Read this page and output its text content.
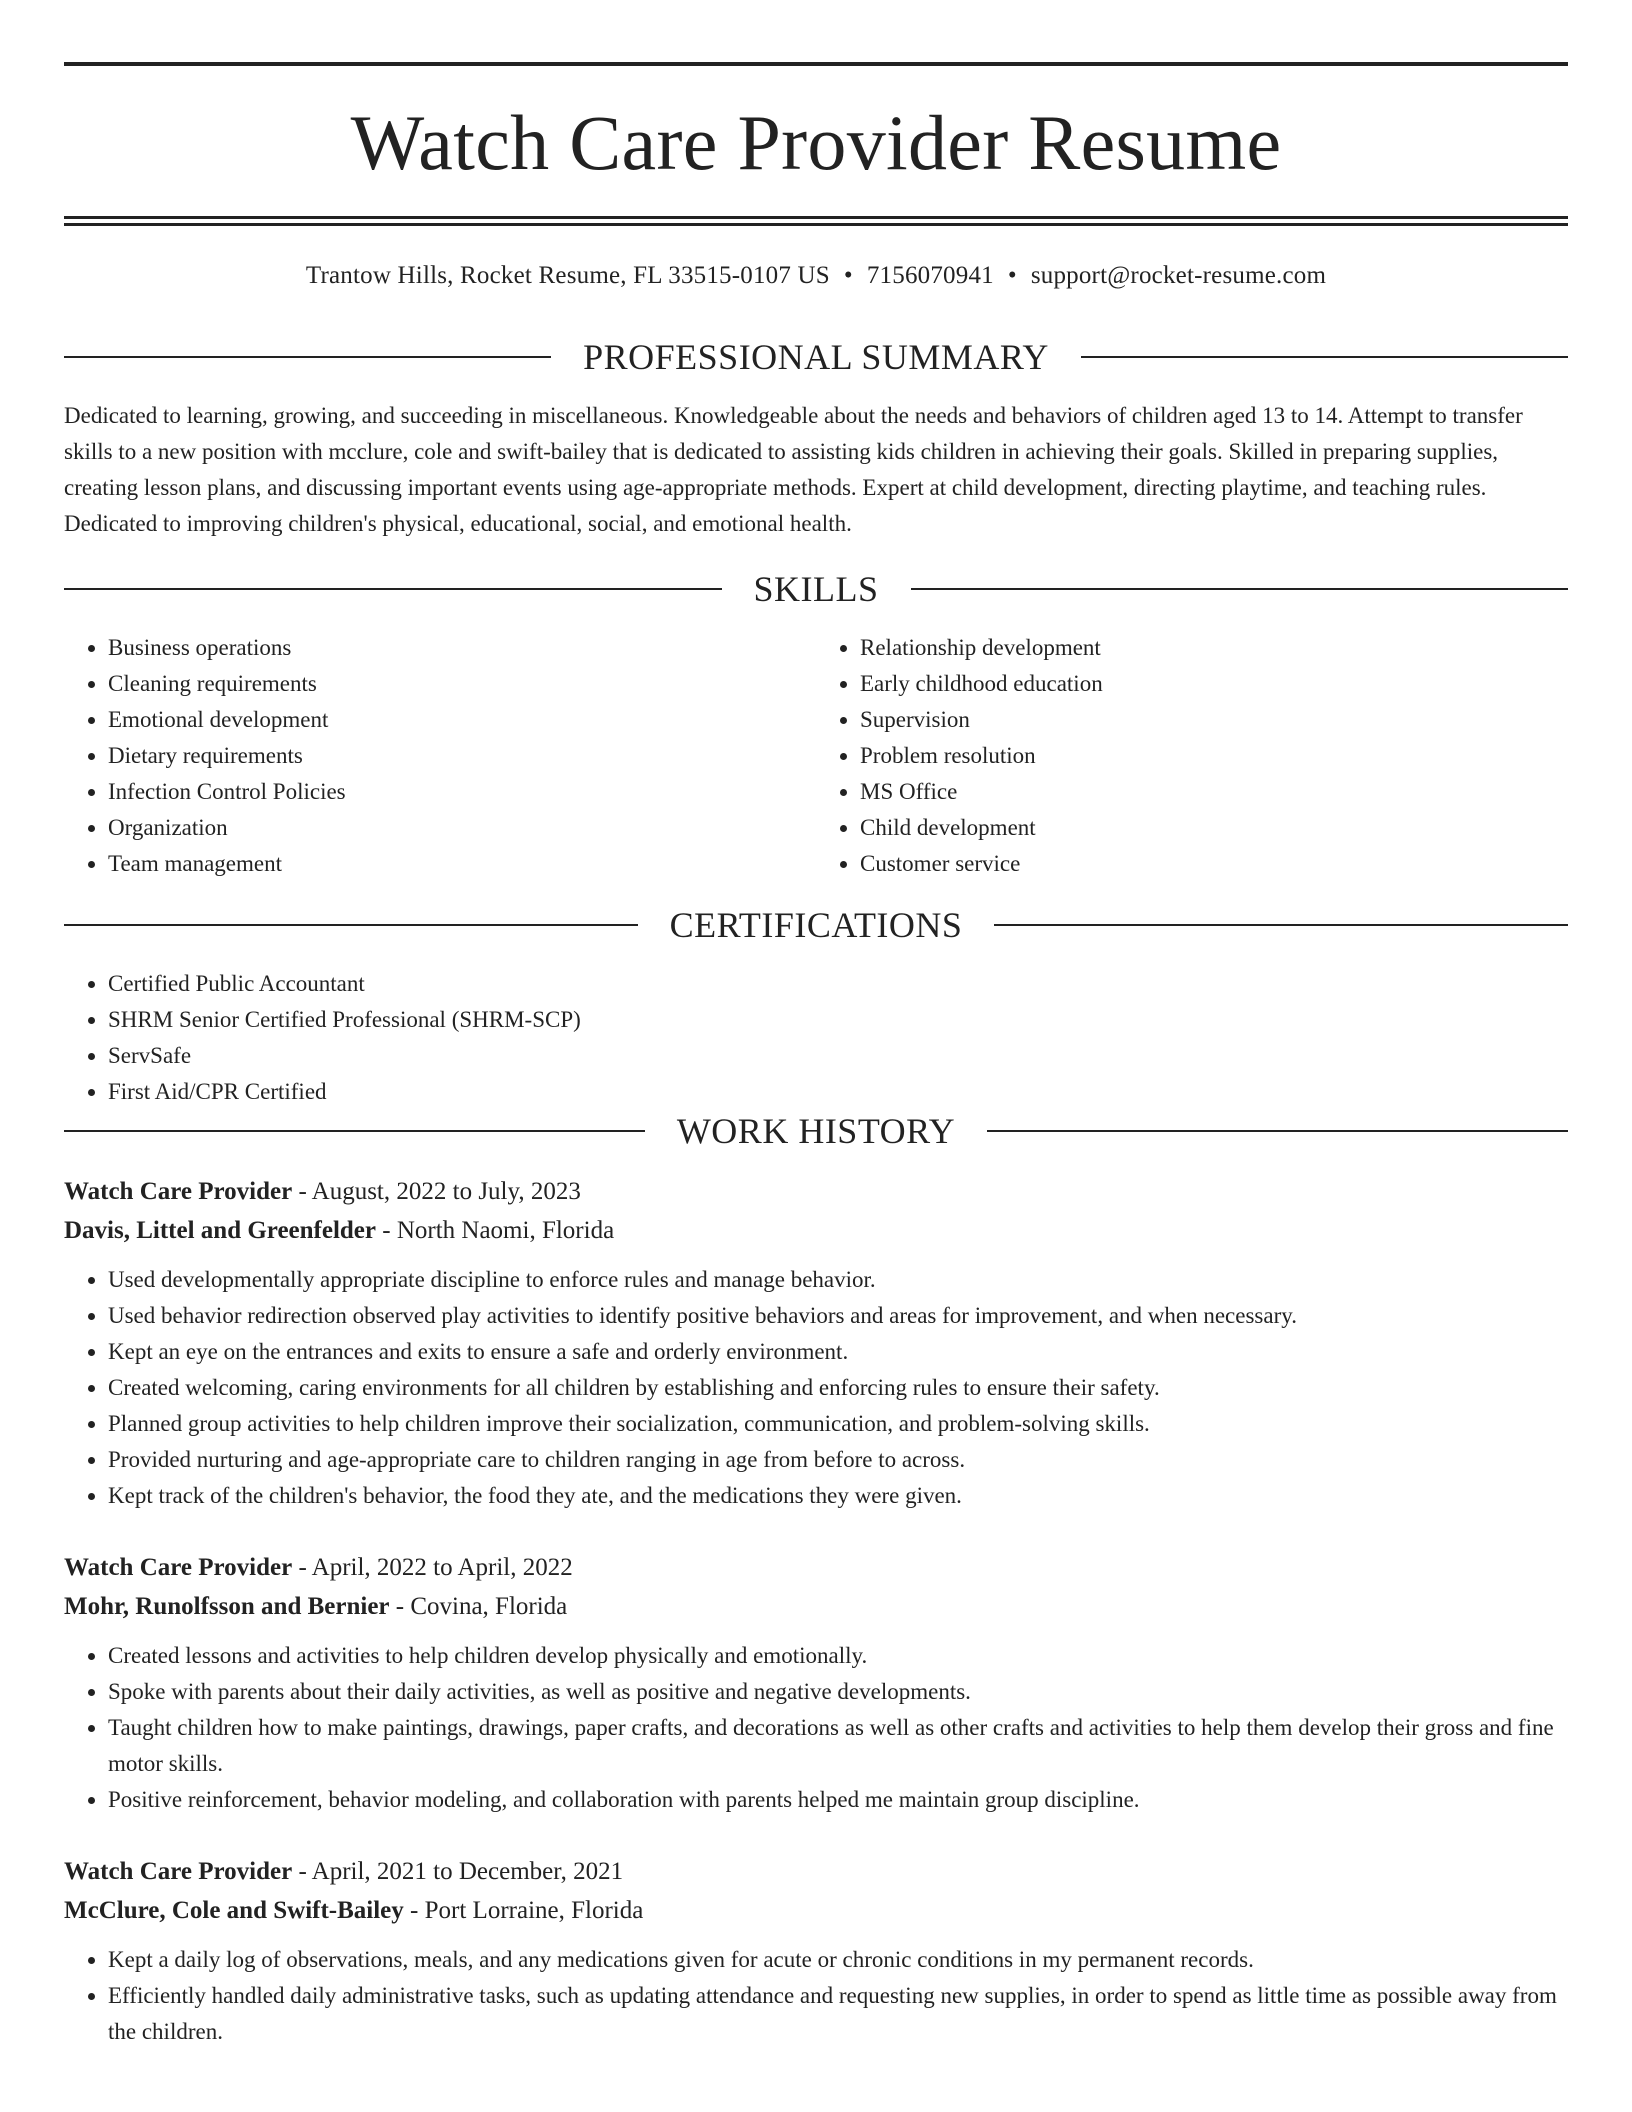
Watch Care Provider Resume
Trantow Hills, Rocket Resume, FL 33515-0107 US • 7156070941 • support@rocket-resume.com
PROFESSIONAL SUMMARY

Dedicated to learning, growing, and succeeding in miscellaneous. Knowledgeable about the needs and behaviors of children aged 13 to 14. Attempt to transfer skills to a new position with mcclure, cole and swift-bailey that is dedicated to assisting kids children in achieving their goals. Skilled in preparing supplies, creating lesson plans, and discussing important events using age-appropriate methods. Expert at child development, directing playtime, and teaching rules. Dedicated to improving children's physical, educational, social, and emotional health.

SKILLS
• Business operations
• Cleaning requirements
• Emotional development
• Dietary requirements
• Infection Control Policies
• Organization
• Team management
• Relationship development
• Early childhood education
• Supervision
• Problem resolution
• MS Office
• Child development
• Customer service
CERTIFICATIONS
• Certified Public Accountant
• SHRM Senior Certified Professional (SHRM-SCP)
• ServSafe
• First Aid/CPR Certified
WORK HISTORY
Watch Care Provider - August, 2022 to July, 2023
Davis, Littel and Greenfelder - North Naomi, Florida
• Used developmentally appropriate discipline to enforce rules and manage behavior.
• Used behavior redirection observed play activities to identify positive behaviors and areas for improvement, and when necessary.
• Kept an eye on the entrances and exits to ensure a safe and orderly environment.
• Created welcoming, caring environments for all children by establishing and enforcing rules to ensure their safety.
• Planned group activities to help children improve their socialization, communication, and problem-solving skills.
• Provided nurturing and age-appropriate care to children ranging in age from before to across.
• Kept track of the children's behavior, the food they ate, and the medications they were given.
Watch Care Provider - April, 2022 to April, 2022
Mohr, Runolfsson and Bernier - Covina, Florida
• Created lessons and activities to help children develop physically and emotionally.
• Spoke with parents about their daily activities, as well as positive and negative developments.
• Taught children how to make paintings, drawings, paper crafts, and decorations as well as other crafts and activities to help them develop their gross and fine motor skills.
• Positive reinforcement, behavior modeling, and collaboration with parents helped me maintain group discipline.
Watch Care Provider - April, 2021 to December, 2021
McClure, Cole and Swift-Bailey - Port Lorraine, Florida
• Kept a daily log of observations, meals, and any medications given for acute or chronic conditions in my permanent records.
• Efficiently handled daily administrative tasks, such as updating attendance and requesting new supplies, in order to spend as little time as possible away from the children.
